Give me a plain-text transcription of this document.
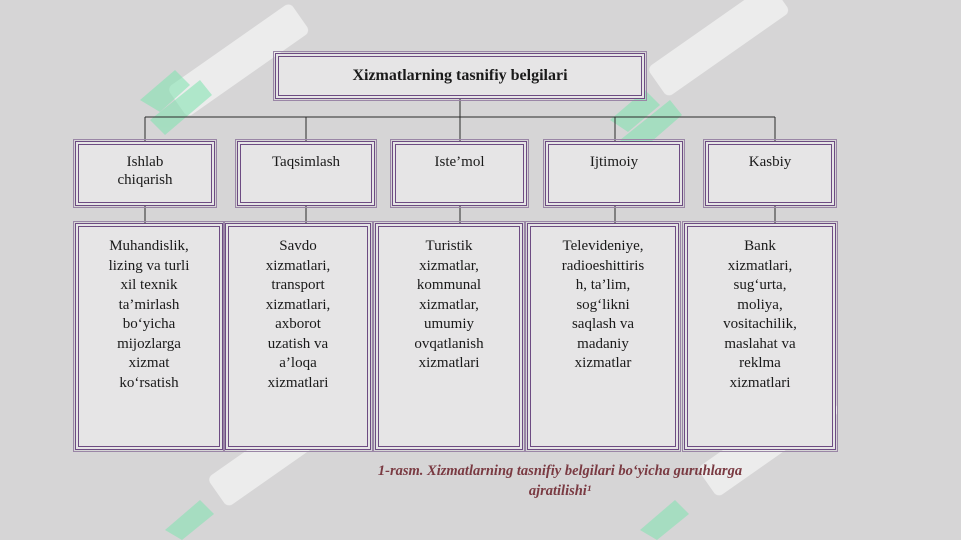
Xizmatlarning tasnifiy belgilari
Ishlab
chiqarish
Taqsimlash	Iste’mol	Ijtimoiy	Kasbiy
Muhandislik,
lizing va turli
xil texnik
ta’mirlash
bo‘yicha
mijozlarga
xizmat
ko‘rsatish
Savdo
xizmatlari,
transport
xizmatlari,
axborot
uzatish va
a’loqa
xizmatlari
Turistik
xizmatlar,
kommunal
xizmatlar,
umumiy
ovqatlanish
xizmatlari
Televideniye,
radioeshittiris
h, ta’lim,
sog‘likni
saqlash va
madaniy
xizmatlar
Bank
xizmatlari,
sug‘urta,
moliya,
vositachilik,
maslahat va
reklma
xizmatlari
1-rasm. Xizmatlarning tasnifiy belgilari bo‘yicha guruhlarga
ajratilishi¹
